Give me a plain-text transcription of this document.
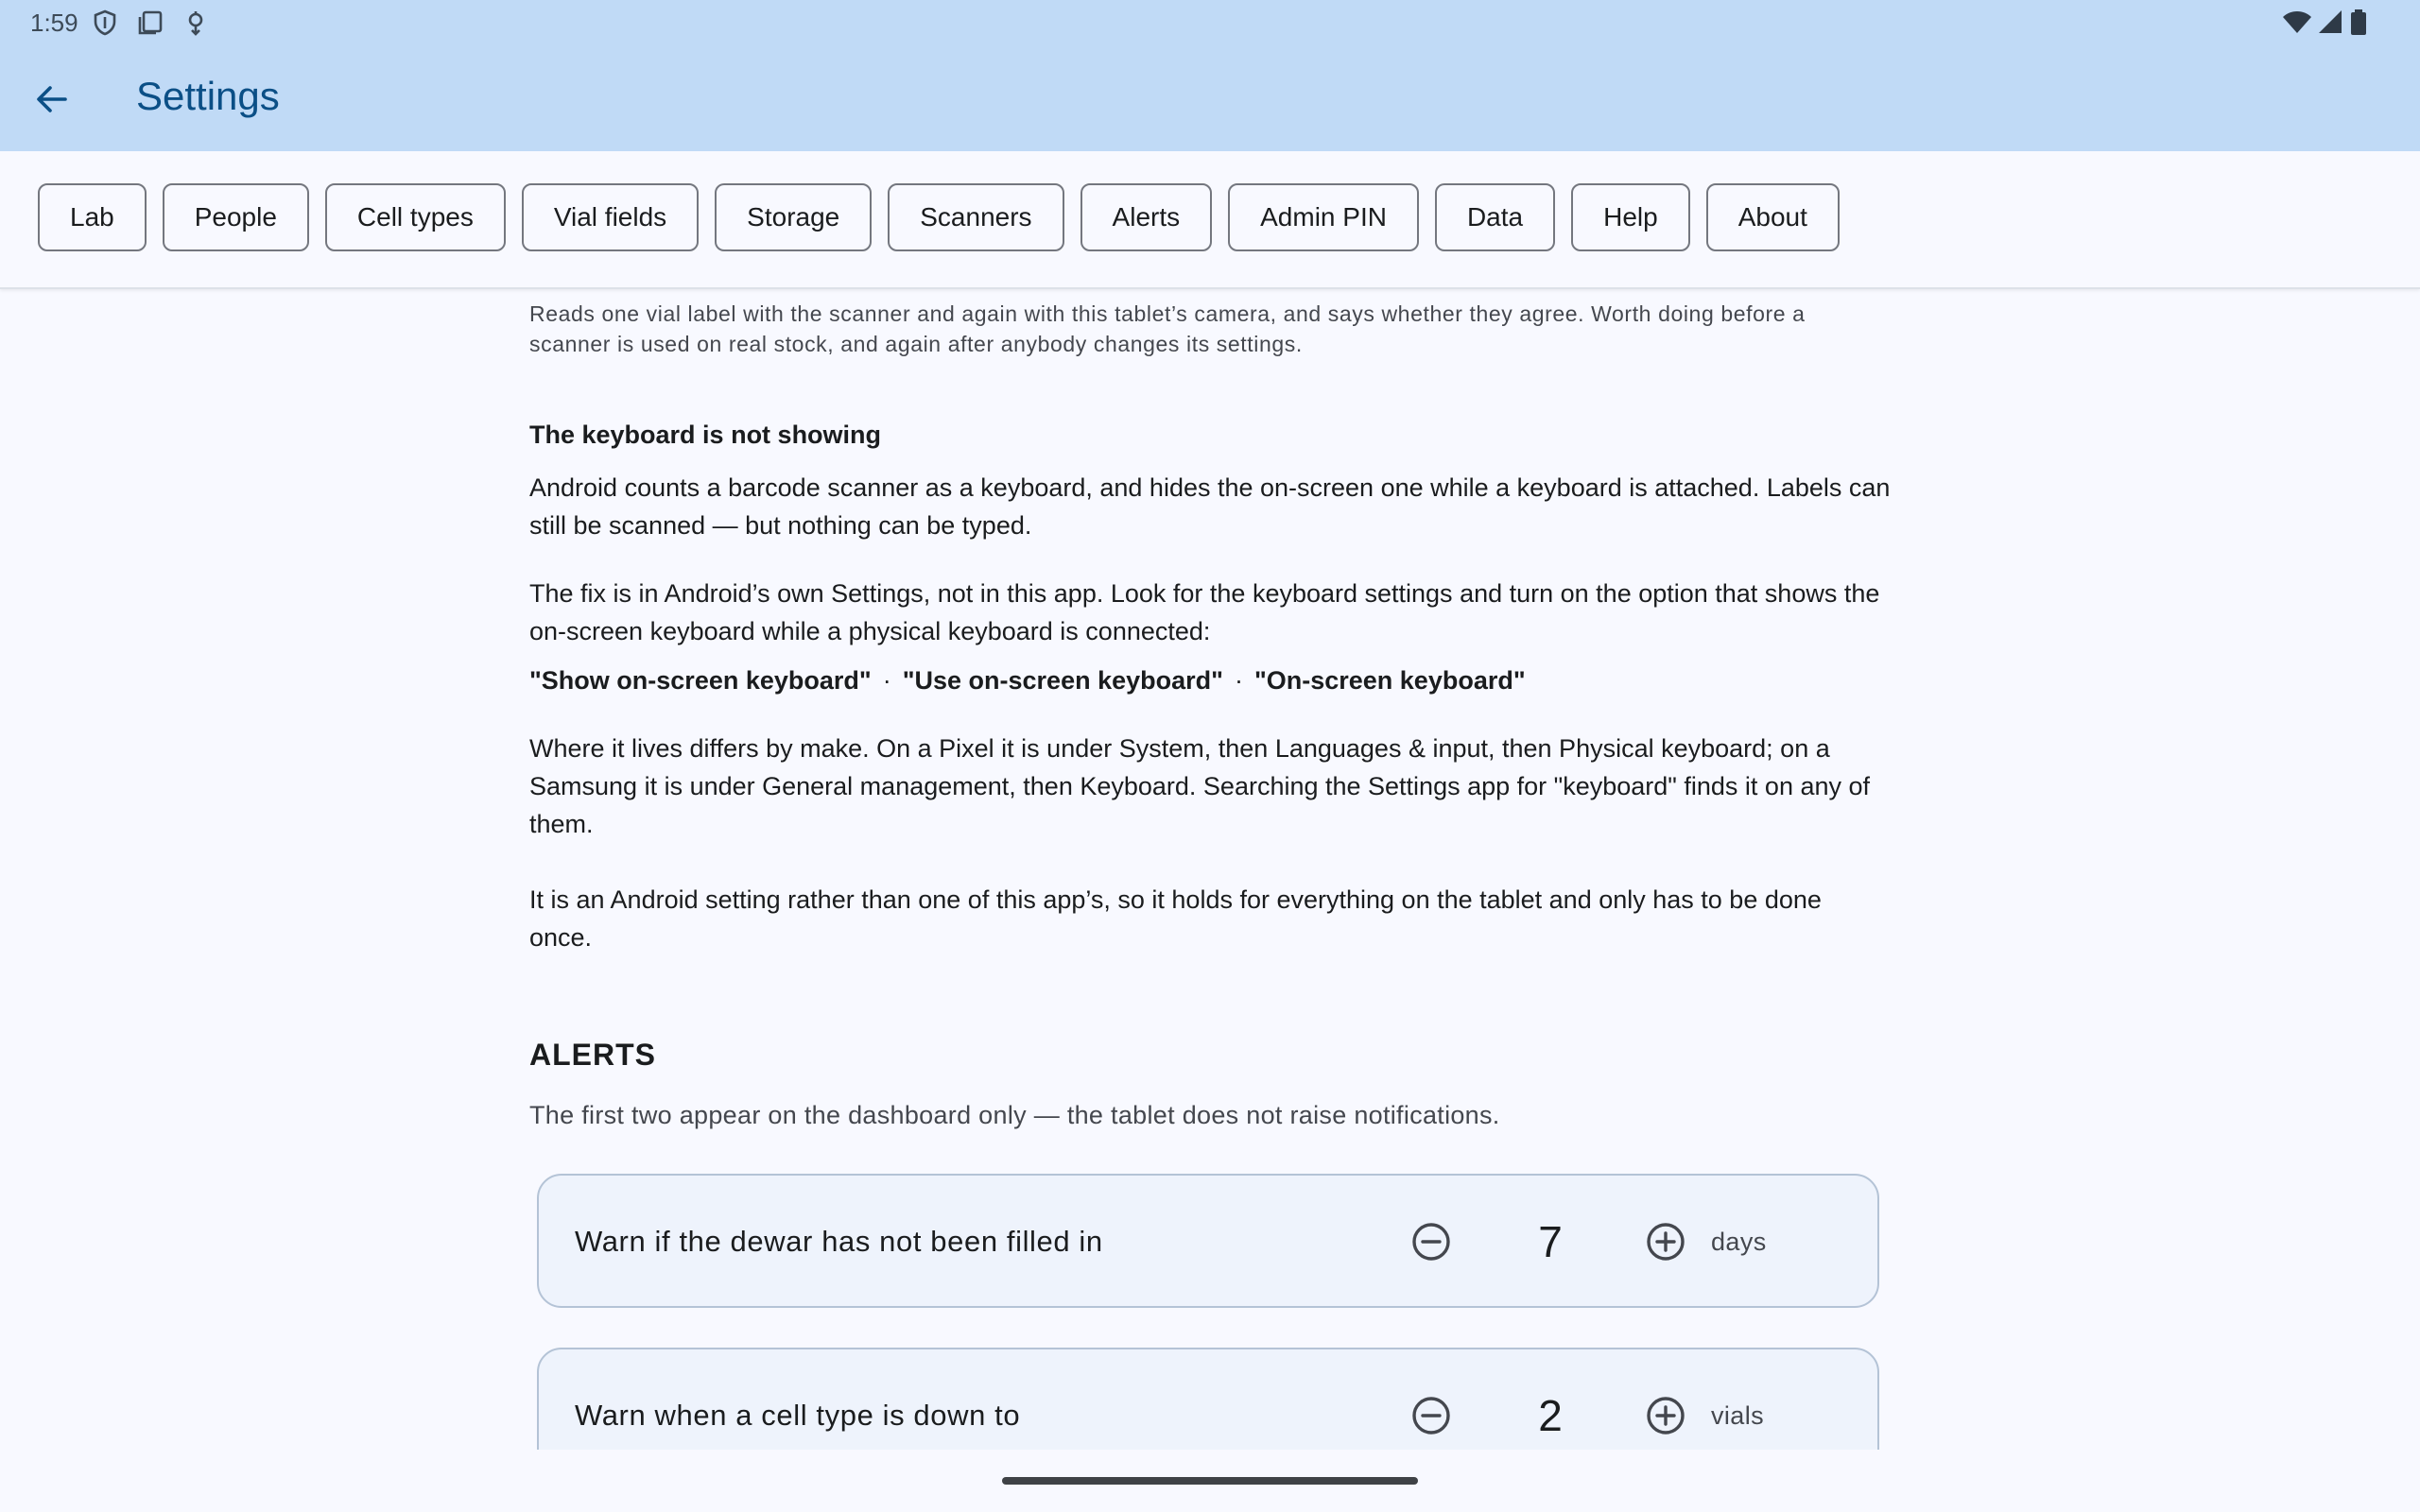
1:59
Settings
Lab	People	Cell types	Vial fields	Storage	Scanners	Alerts	Admin PIN	Data	Help	About
Reads one vial label with the scanner and again with this tablet’s camera, and says whether they agree. Worth doing before a scanner is used on real stock, and again after anybody changes its settings.
The keyboard is not showing
Android counts a barcode scanner as a keyboard, and hides the on-screen one while a keyboard is attached. Labels can still be scanned — but nothing can be typed.
The fix is in Android’s own Settings, not in this app. Look for the keyboard settings and turn on the option that shows the on-screen keyboard while a physical keyboard is connected:
"Show on-screen keyboard" · "Use on-screen keyboard" · "On-screen keyboard"
Where it lives differs by make. On a Pixel it is under System, then Languages & input, then Physical keyboard; on a Samsung it is under General management, then Keyboard. Searching the Settings app for "keyboard" finds it on any of them.
It is an Android setting rather than one of this app’s, so it holds for everything on the tablet and only has to be done once.
ALERTS
The first two appear on the dashboard only — the tablet does not raise notifications.
Warn if the dewar has not been filled in	7	days
Warn when a cell type is down to	2	vials
